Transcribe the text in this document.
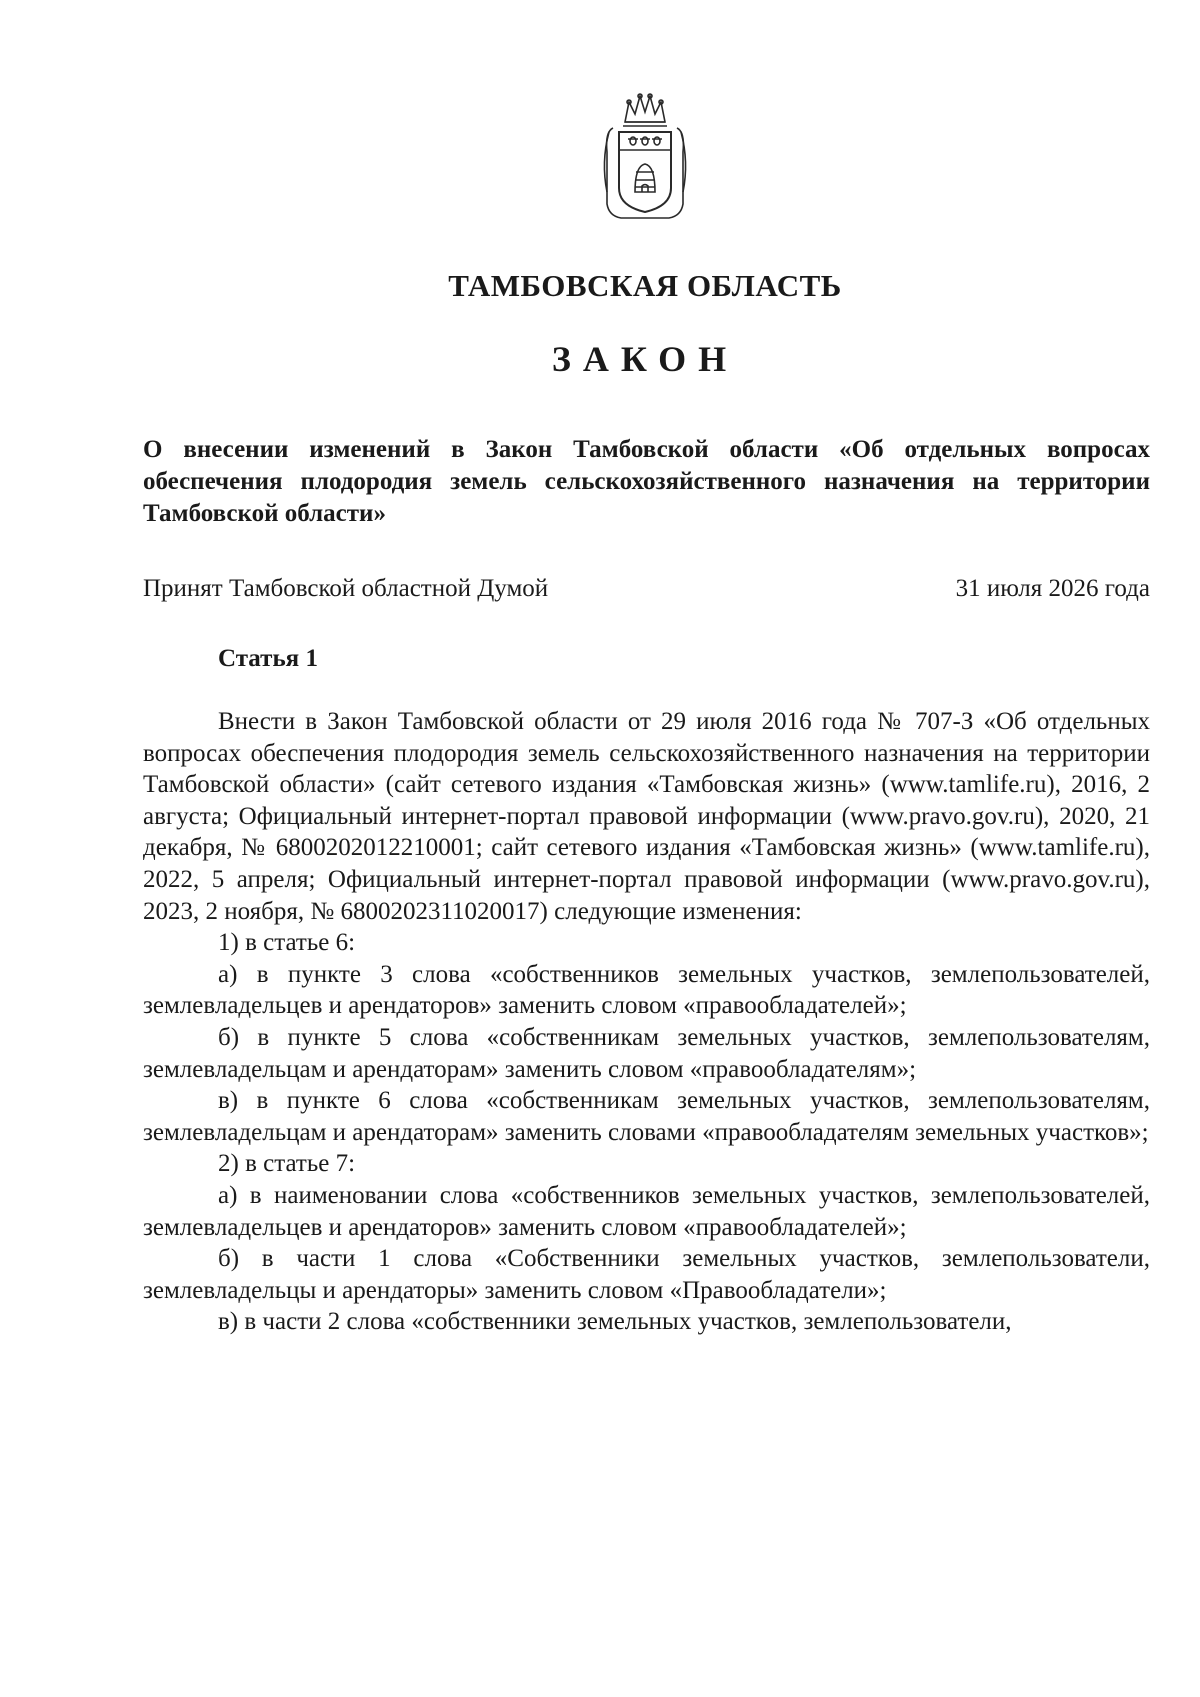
ТАМБОВСКАЯ ОБЛАСТЬ
ЗАКОН
О внесении изменений в Закон Тамбовской области «Об отдельных вопросах обеспечения плодородия земель сельскохозяйственного назначения на территории Тамбовской области»
Принят Тамбовской областной Думой	31 июля 2026 года
Статья 1

Внести в Закон Тамбовской области от 29 июля 2016 года № 707-З «Об отдельных вопросах обеспечения плодородия земель сельскохозяйственного назначения на территории Тамбовской области» (сайт сетевого издания «Тамбовская жизнь» (www.tamlife.ru), 2016, 2 августа; Официальный интернет-портал правовой информации (www.pravo.gov.ru), 2020, 21 декабря, № 6800202012210001; сайт сетевого издания «Тамбовская жизнь» (www.tamlife.ru), 2022, 5 апреля; Официальный интернет-портал правовой информации (www.pravo.gov.ru), 2023, 2 ноября, № 6800202311020017) следующие изменения:

1) в статье 6:

а) в пункте 3 слова «собственников земельных участков, землепользователей, землевладельцев и арендаторов» заменить словом «правообладателей»;

б) в пункте 5 слова «собственникам земельных участков, землепользователям, землевладельцам и арендаторам» заменить словом «правообладателям»;

в) в пункте 6 слова «собственникам земельных участков, землепользователям, землевладельцам и арендаторам» заменить словами «правообладателям земельных участков»;

2) в статье 7:

а) в наименовании слова «собственников земельных участков, землепользователей, землевладельцев и арендаторов» заменить словом «правообладателей»;

б) в части 1 слова «Собственники земельных участков, землепользователи, землевладельцы и арендаторы» заменить словом «Правообладатели»;

в) в части 2 слова «собственники земельных участков, землепользователи,
